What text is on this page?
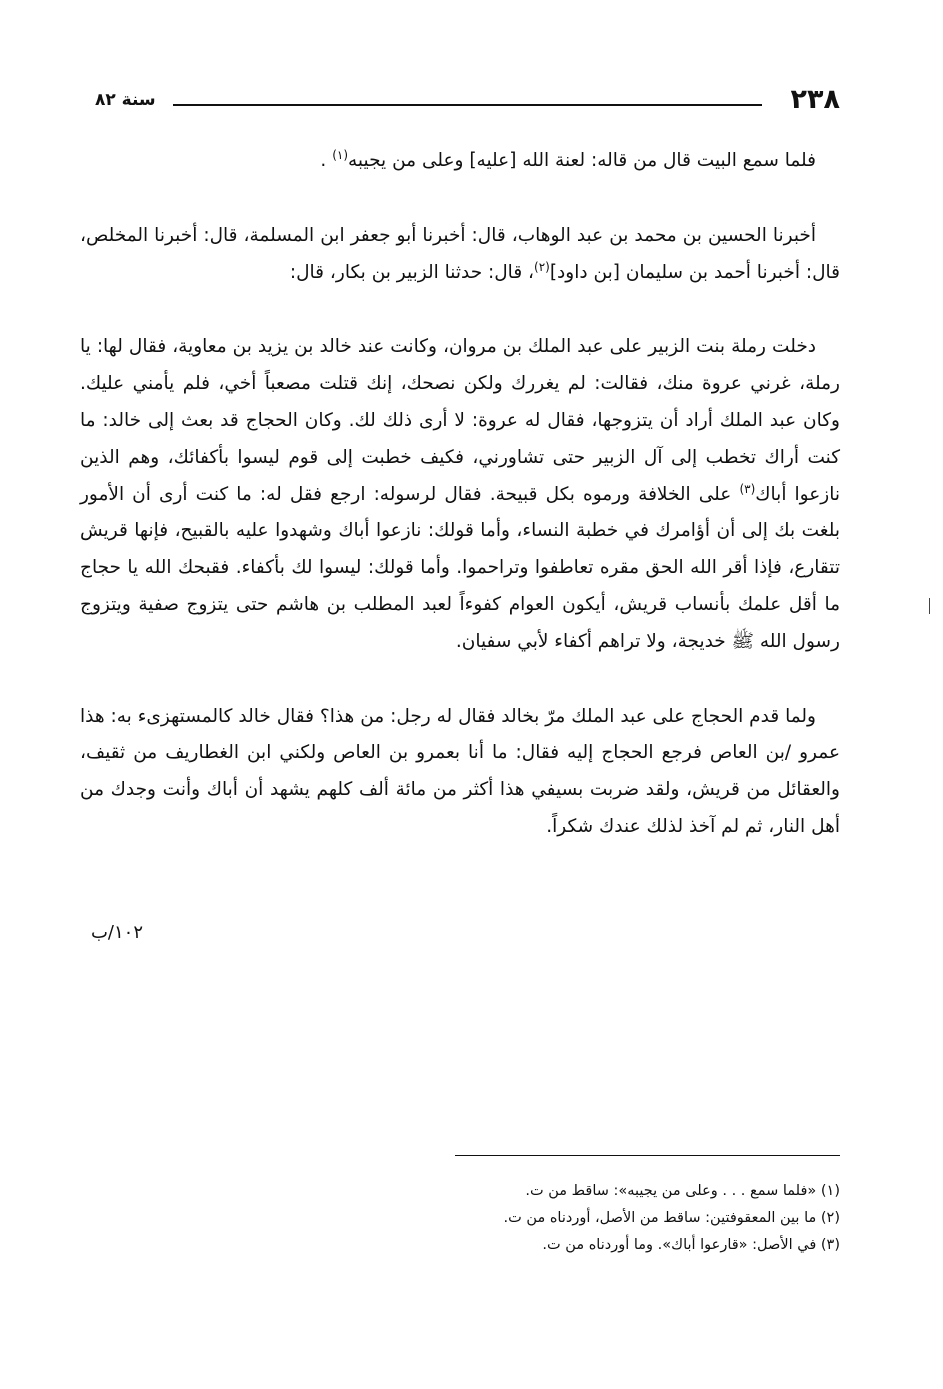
٢٣٨
سنة ٨٢

فلما سمع البيت قال من قاله: لعنة الله [عليه] وعلى من يجيبه$^{(١)}$ .

أخبرنا الحسين بن محمد بن عبد الوهاب، قال: أخبرنا أبو جعفر ابن المسلمة، قال: أخبرنا المخلص، قال: أخبرنا أحمد بن سليمان [بن داود]$^{(٢)}$، قال: حدثنا الزبير بن بكار، قال:

دخلت رملة بنت الزبير على عبد الملك بن مروان، وكانت عند خالد بن يزيد بن معاوية، فقال لها: يا رملة، غرني عروة منك، فقالت: لم يغررك ولكن نصحك، إنك قتلت مصعباً أخي، فلم يأمني عليك. وكان عبد الملك أراد أن يتزوجها، فقال له عروة: لا أرى ذلك لك. وكان الحجاج قد بعث إلى خالد: ما كنت أراك تخطب إلى آل الزبير حتى تشاورني، فكيف خطبت إلى قوم ليسوا بأكفائك، وهم الذين نازعوا أباك$^{(٣)}$ على الخلافة ورموه بكل قبيحة. فقال لرسوله: ارجع فقل له: ما كنت أرى أن الأمور بلغت بك إلى أن أؤامرك في خطبة النساء، وأما قولك: نازعوا أباك وشهدوا عليه بالقبيح، فإنها قريش تتقارع، فإذا أقر الله الحق مقره تعاطفوا وتراحموا. وأما قولك: ليسوا لك بأكفاء. فقبحك الله يا حجاج ما أقل علمك بأنساب قريش، أيكون العوام كفوءاً لعبد المطلب بن هاشم حتى يتزوج صفية ويتزوج رسول الله ﷺ خديجة، ولا تراهم أكفاء لأبي سفيان.

ولما قدم الحجاج على عبد الملك مرّ بخالد فقال له رجل: من هذا؟ فقال خالد كالمستهزىء به: هذا عمرو /بن العاص فرجع الحجاج إليه فقال: ما أنا بعمرو بن العاص ولكني ابن الغطاريف من ثقيف، والعقائل من قريش، ولقد ضربت بسيفي هذا أكثر من مائة ألف كلهم يشهد أن أباك وأنت وجدك من أهل النار، ثم لم آخذ لذلك عندك شكراً.

١٠٢/ب
(١) «فلما سمع . . . وعلى من يجيبه»: ساقط من ت.
(٢) ما بين المعقوفتين: ساقط من الأصل، أوردناه من ت.
(٣) في الأصل: «قارعوا أباك». وما أوردناه من ت.
